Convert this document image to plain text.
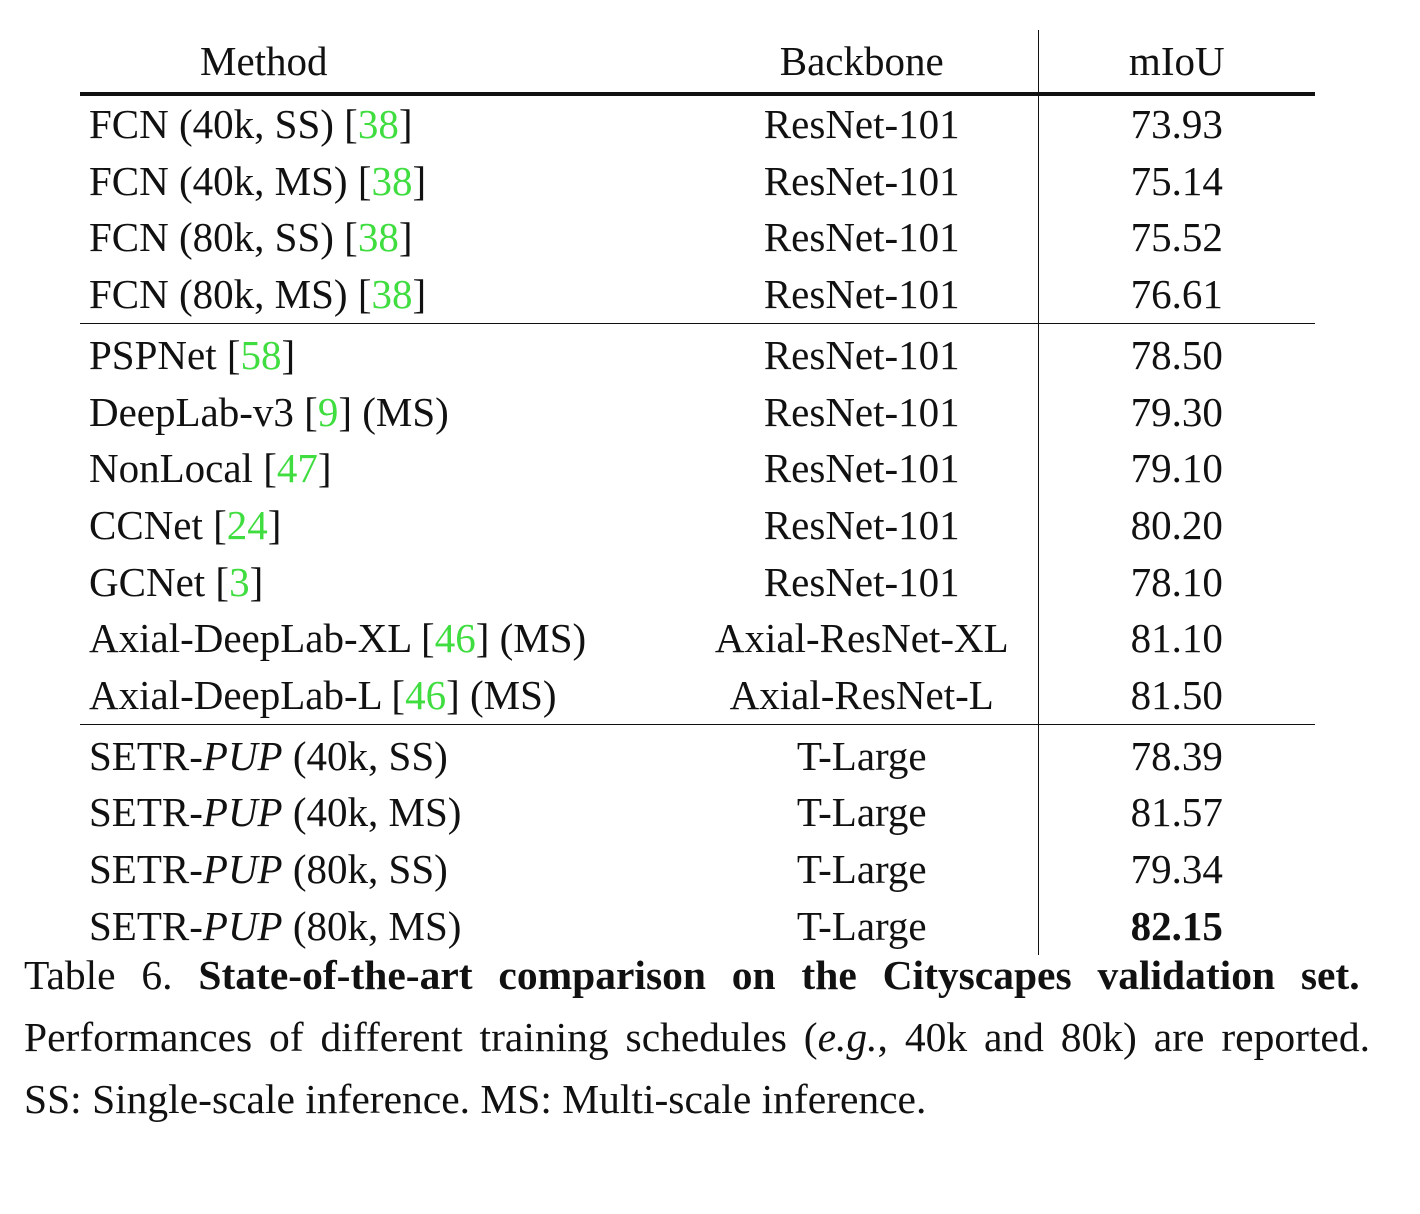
Method	Backbone	mIoU
FCN (40k, SS) [38]	ResNet-101	73.93
FCN (40k, MS) [38]	ResNet-101	75.14
FCN (80k, SS) [38]	ResNet-101	75.52
FCN (80k, MS) [38]	ResNet-101	76.61
PSPNet [58]	ResNet-101	78.50
DeepLab-v3 [9] (MS)	ResNet-101	79.30
NonLocal [47]	ResNet-101	79.10
CCNet [24]	ResNet-101	80.20
GCNet [3]	ResNet-101	78.10
Axial-DeepLab-XL [46] (MS)	Axial-ResNet-XL	81.10
Axial-DeepLab-L [46] (MS)	Axial-ResNet-L	81.50
SETR-PUP (40k, SS)	T-Large	78.39
SETR-PUP (40k, MS)	T-Large	81.57
SETR-PUP (80k, SS)	T-Large	79.34
SETR-PUP (80k, MS)	T-Large	82.15
Table 6. State-of-the-art comparison on the Cityscapes validation set.  Performances of different training schedules (e.g., 40k and 80k) are reported. SS: Single-scale inference. MS: Multi-scale inference.
